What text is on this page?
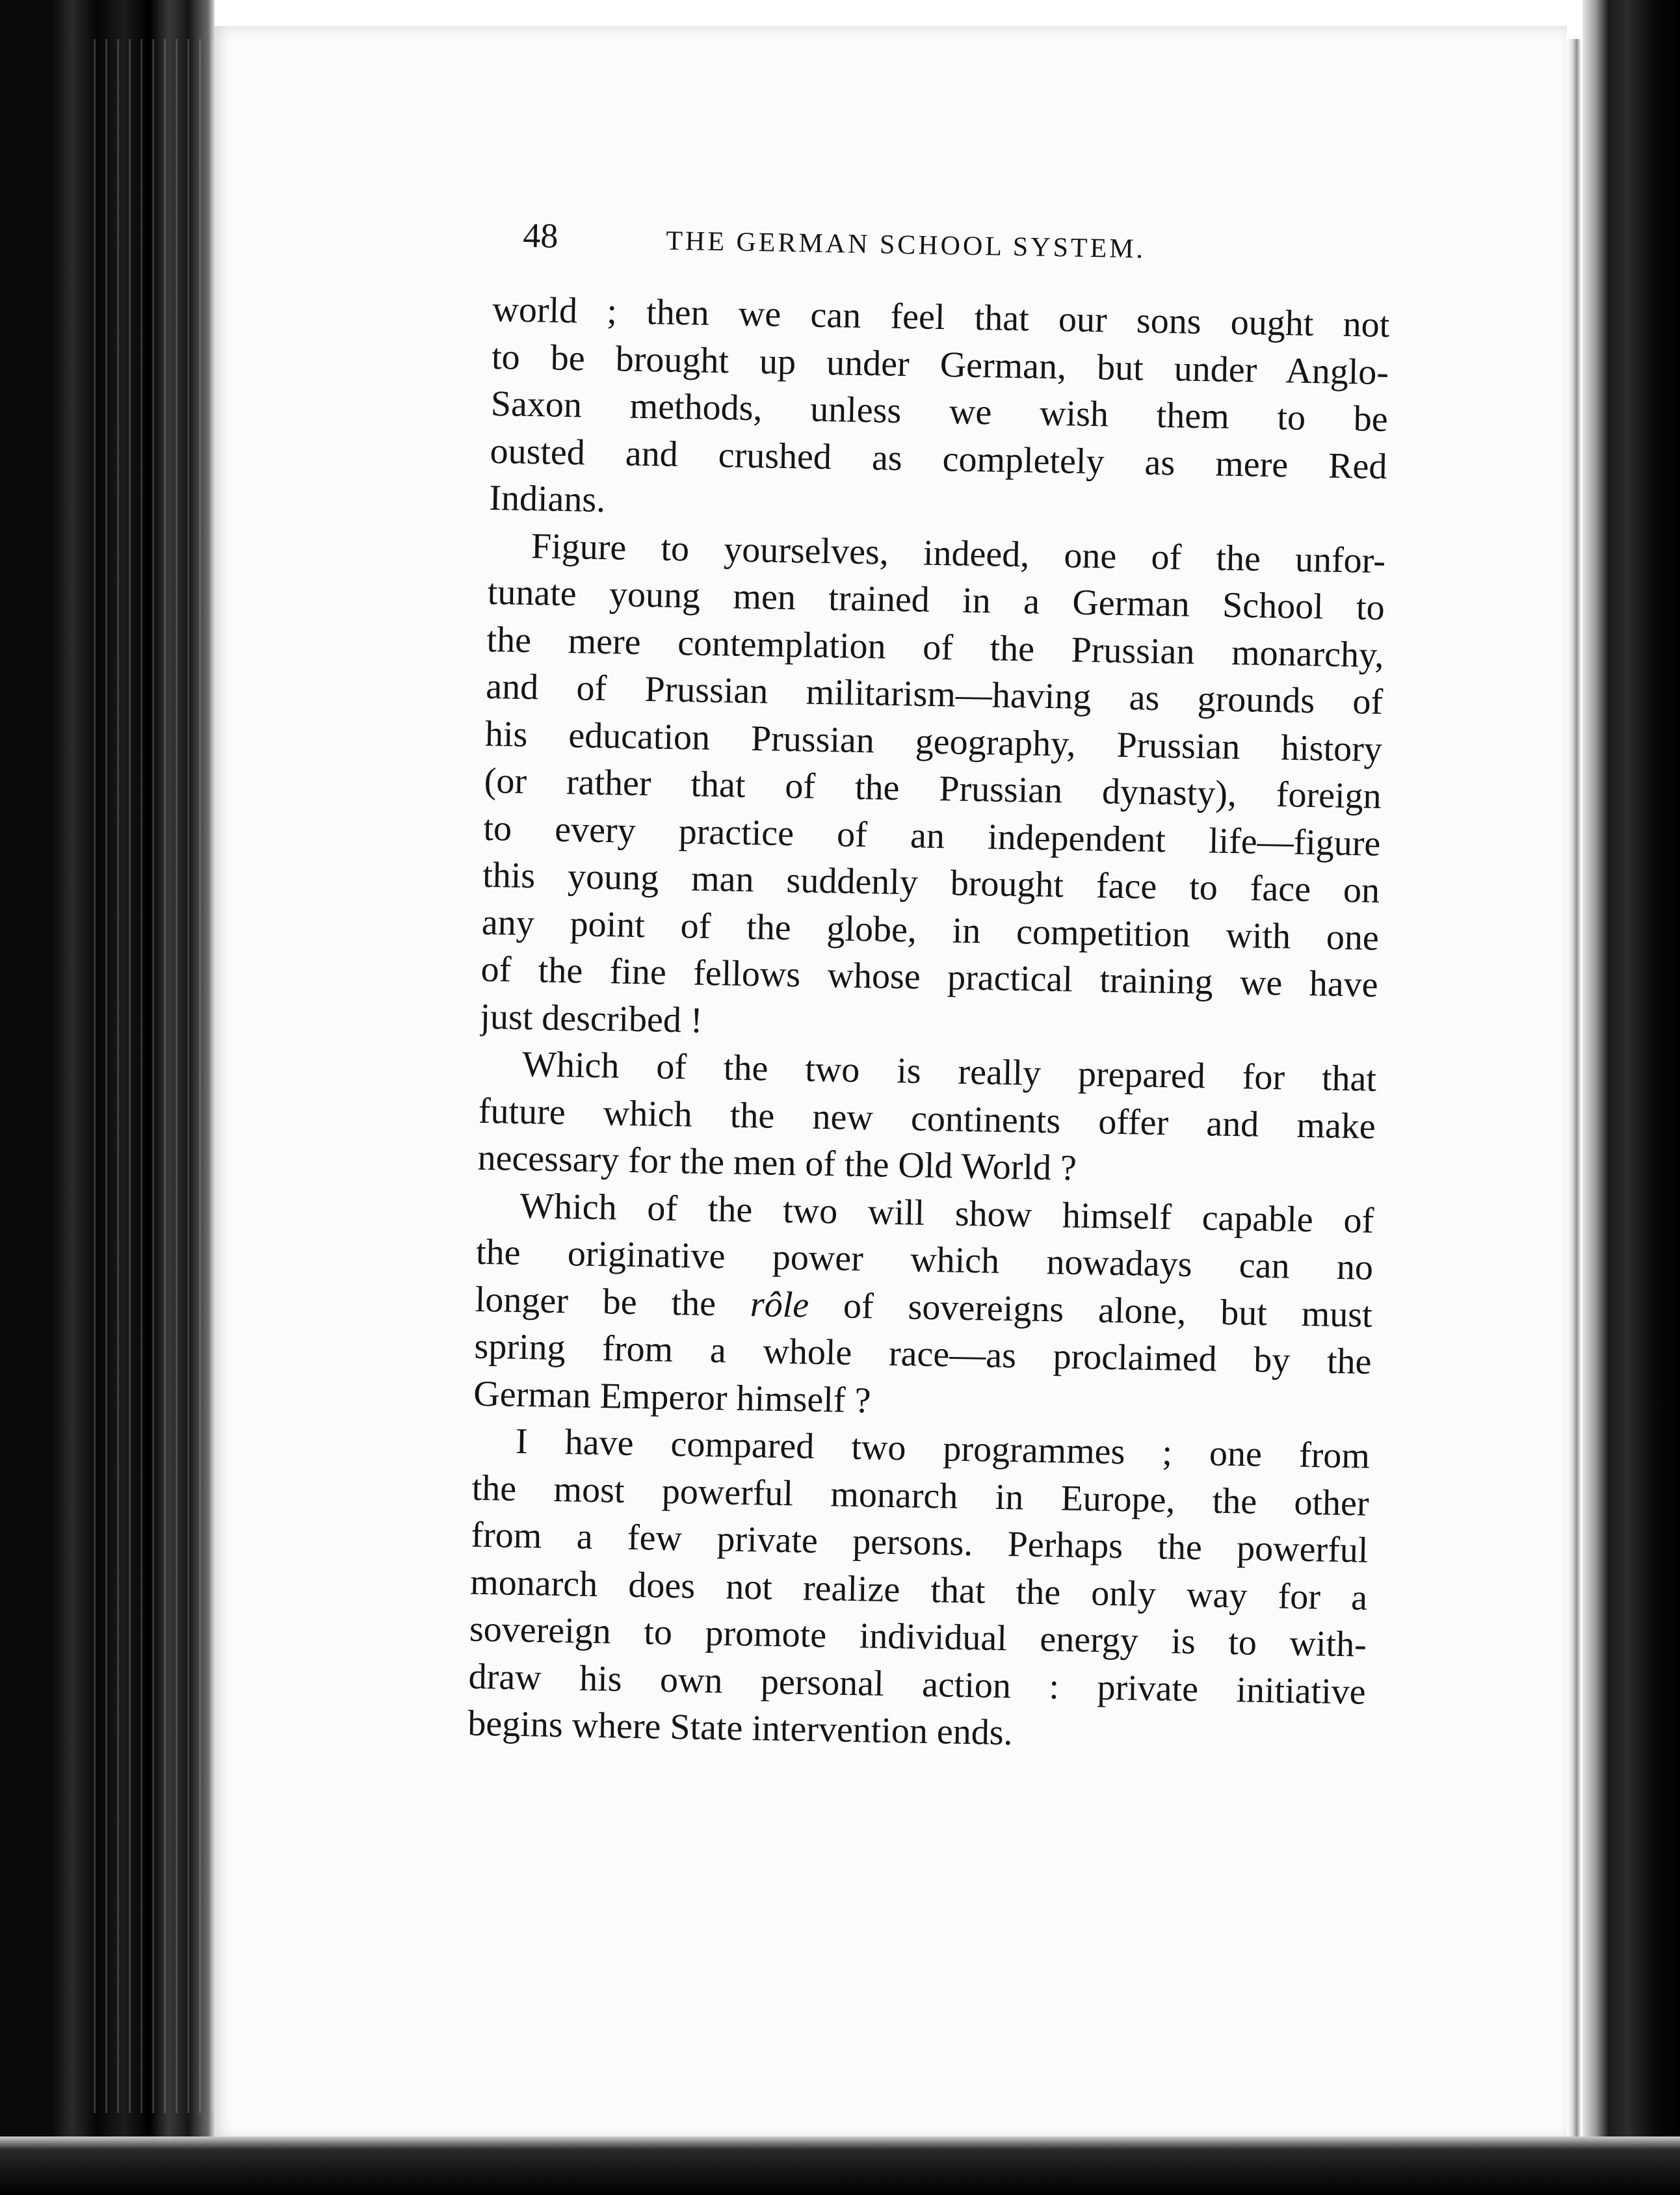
48	THE GERMAN SCHOOL SYSTEM.
world ; then we can feel that our sons ought not
to be brought up under German, but under Anglo-
Saxon methods, unless we wish them to be
ousted and crushed as completely as mere Red
Indians.
Figure to yourselves, indeed, one of the unfor-
tunate young men trained in a German School to
the mere contemplation of the Prussian monarchy,
and of Prussian militarism—having as grounds of
his education Prussian geography, Prussian history
(or rather that of the Prussian dynasty), foreign
to every practice of an independent life—figure
this young man suddenly brought face to face on
any point of the globe, in competition with one
of the fine fellows whose practical training we have
just described !
Which of the two is really prepared for that
future which the new continents offer and make
necessary for the men of the Old World ?
Which of the two will show himself capable of
the originative power which nowadays can no
longer be the rôle of sovereigns alone, but must
spring from a whole race—as proclaimed by the
German Emperor himself ?
I have compared two programmes ; one from
the most powerful monarch in Europe, the other
from a few private persons. Perhaps the powerful
monarch does not realize that the only way for a
sovereign to promote individual energy is to with-
draw his own personal action : private initiative
begins where State intervention ends.
